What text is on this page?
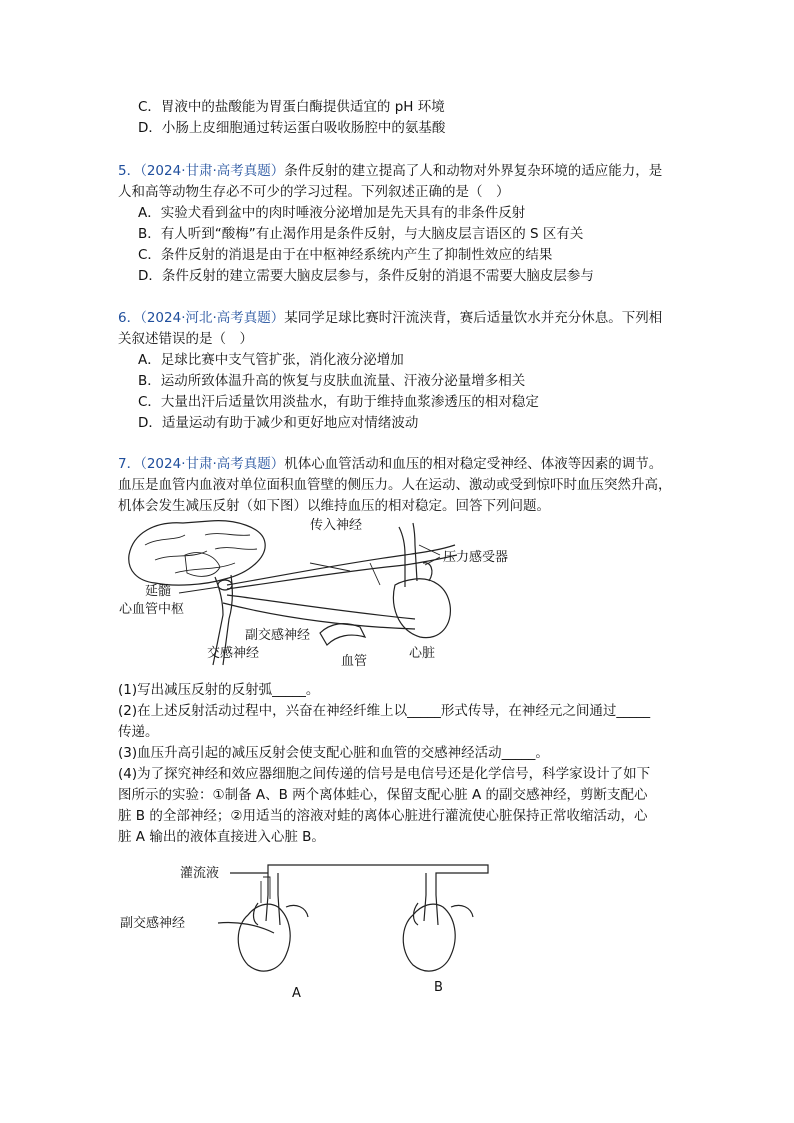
C．胃液中的盐酸能为胃蛋白酶提供适宜的 pH 环境
D．小肠上皮细胞通过转运蛋白吸收肠腔中的氨基酸
5．（2024·甘肃·高考真题）条件反射的建立提高了人和动物对外界复杂环境的适应能力，是
人和高等动物生存必不可少的学习过程。下列叙述正确的是（　）
A．实验犬看到盆中的肉时唾液分泌增加是先天具有的非条件反射
B．有人听到“酸梅”有止渴作用是条件反射，与大脑皮层言语区的 S 区有关
C．条件反射的消退是由于在中枢神经系统内产生了抑制性效应的结果
D．条件反射的建立需要大脑皮层参与，条件反射的消退不需要大脑皮层参与
6．（2024·河北·高考真题）某同学足球比赛时汗流浃背，赛后适量饮水并充分休息。下列相
关叙述错误的是（　）
A．足球比赛中支气管扩张，消化液分泌增加
B．运动所致体温升高的恢复与皮肤血流量、汗液分泌量增多相关
C．大量出汗后适量饮用淡盐水，有助于维持血浆渗透压的相对稳定
D．适量运动有助于减少和更好地应对情绪波动
7．（2024·甘肃·高考真题）机体心血管活动和血压的相对稳定受神经、体液等因素的调节。
血压是血管内血液对单位面积血管壁的侧压力。人在运动、激动或受到惊吓时血压突然升高，
机体会发生减压反射（如下图）以维持血压的相对稳定。回答下列问题。
传入神经
压力感受器
延髓
心血管中枢
副交感神经
交感神经
血管
心脏
(1)写出减压反射的反射弧_____。
(2)在上述反射活动过程中，兴奋在神经纤维上以_____形式传导，在神经元之间通过_____
传递。
(3)血压升高引起的减压反射会使支配心脏和血管的交感神经活动_____。
(4)为了探究神经和效应器细胞之间传递的信号是电信号还是化学信号，科学家设计了如下
图所示的实验：①制备 A、B 两个离体蛙心，保留支配心脏 A 的副交感神经，剪断支配心
脏 B 的全部神经；②用适当的溶液对蛙的离体心脏进行灌流使心脏保持正常收缩活动，心
脏 A 输出的液体直接进入心脏 B。
灌流液
副交感神经
A	B
